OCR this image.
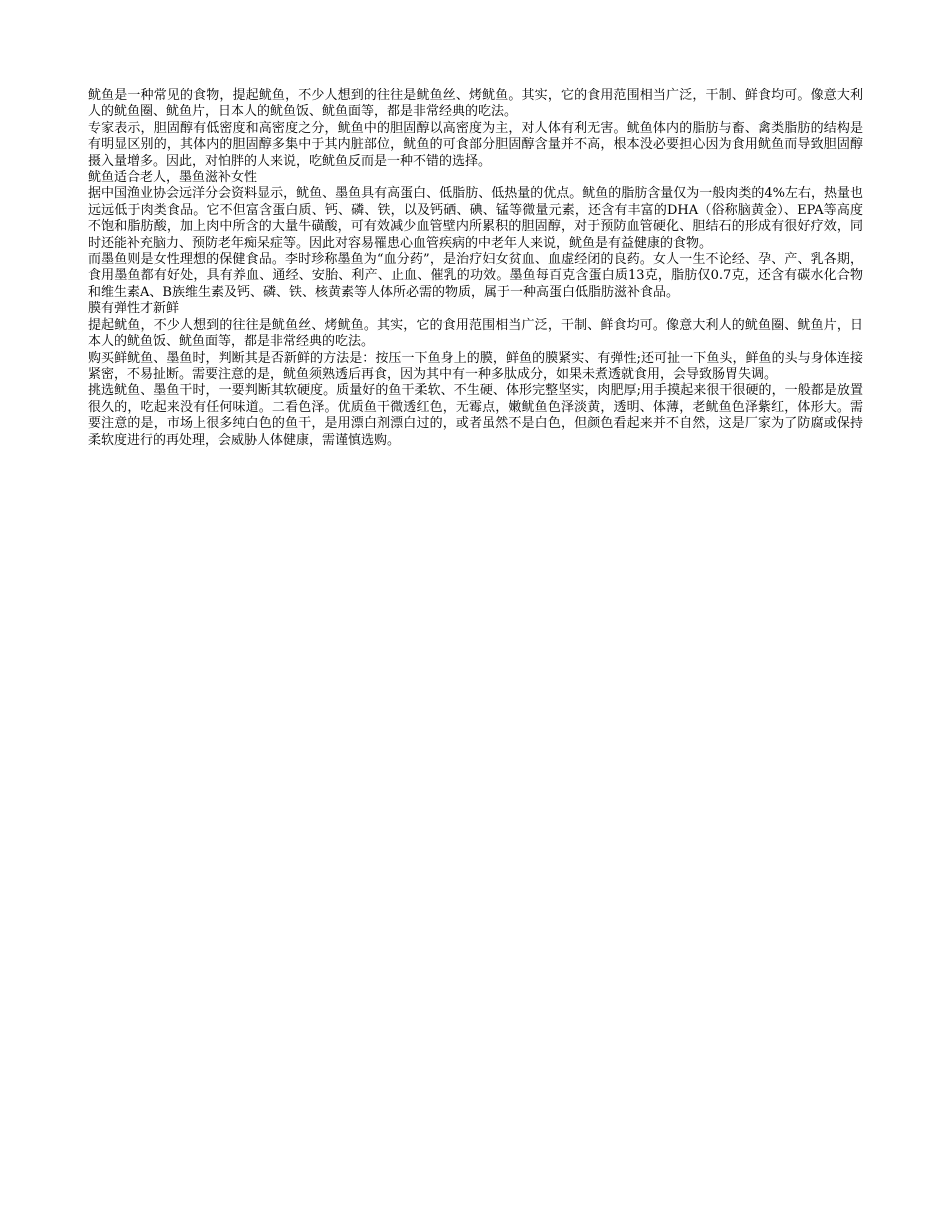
鱿鱼是一种常见的食物，提起鱿鱼，不少人想到的往往是鱿鱼丝、烤鱿鱼。其实，它的食用范围相当广泛，干制、鲜食均可。像意大利人的鱿鱼圈、鱿鱼片，日本人的鱿鱼饭、鱿鱼面等，都是非常经典的吃法。

专家表示，胆固醇有低密度和高密度之分，鱿鱼中的胆固醇以高密度为主，对人体有利无害。鱿鱼体内的脂肪与畜、禽类脂肪的结构是有明显区别的，其体内的胆固醇多集中于其内脏部位，鱿鱼的可食部分胆固醇含量并不高，根本没必要担心因为食用鱿鱼而导致胆固醇摄入量增多。因此，对怕胖的人来说，吃鱿鱼反而是一种不错的选择。

鱿鱼适合老人，墨鱼滋补女性

据中国渔业协会远洋分会资料显示，鱿鱼、墨鱼具有高蛋白、低脂肪、低热量的优点。鱿鱼的脂肪含量仅为一般肉类的4%左右，热量也远远低于肉类食品。它不但富含蛋白质、钙、磷、铁，以及钙硒、碘、锰等微量元素，还含有丰富的DHA（俗称脑黄金）、EPA等高度不饱和脂肪酸，加上肉中所含的大量牛磺酸，可有效减少血管壁内所累积的胆固醇，对于预防血管硬化、胆结石的形成有很好疗效，同时还能补充脑力、预防老年痴呆症等。因此对容易罹患心血管疾病的中老年人来说，鱿鱼是有益健康的食物。

而墨鱼则是女性理想的保健食品。李时珍称墨鱼为“血分药”，是治疗妇女贫血、血虚经闭的良药。女人一生不论经、孕、产、乳各期，食用墨鱼都有好处，具有养血、通经、安胎、利产、止血、催乳的功效。墨鱼每百克含蛋白质13克，脂肪仅0.7克，还含有碳水化合物和维生素A、B族维生素及钙、磷、铁、核黄素等人体所必需的物质，属于一种高蛋白低脂肪滋补食品。

膜有弹性才新鲜

提起鱿鱼，不少人想到的往往是鱿鱼丝、烤鱿鱼。其实，它的食用范围相当广泛，干制、鲜食均可。像意大利人的鱿鱼圈、鱿鱼片，日本人的鱿鱼饭、鱿鱼面等，都是非常经典的吃法。

购买鲜鱿鱼、墨鱼时，判断其是否新鲜的方法是：按压一下鱼身上的膜，鲜鱼的膜紧实、有弹性;还可扯一下鱼头，鲜鱼的头与身体连接紧密，不易扯断。需要注意的是，鱿鱼须熟透后再食，因为其中有一种多肽成分，如果未煮透就食用，会导致肠胃失调。

挑选鱿鱼、墨鱼干时，一要判断其软硬度。质量好的鱼干柔软、不生硬、体形完整坚实，肉肥厚;用手摸起来很干很硬的，一般都是放置很久的，吃起来没有任何味道。二看色泽。优质鱼干微透红色，无霉点，嫩鱿鱼色泽淡黄，透明、体薄，老鱿鱼色泽紫红，体形大。需要注意的是，市场上很多纯白色的鱼干，是用漂白剂漂白过的，或者虽然不是白色，但颜色看起来并不自然，这是厂家为了防腐或保持柔软度进行的再处理，会威胁人体健康，需谨慎选购。
